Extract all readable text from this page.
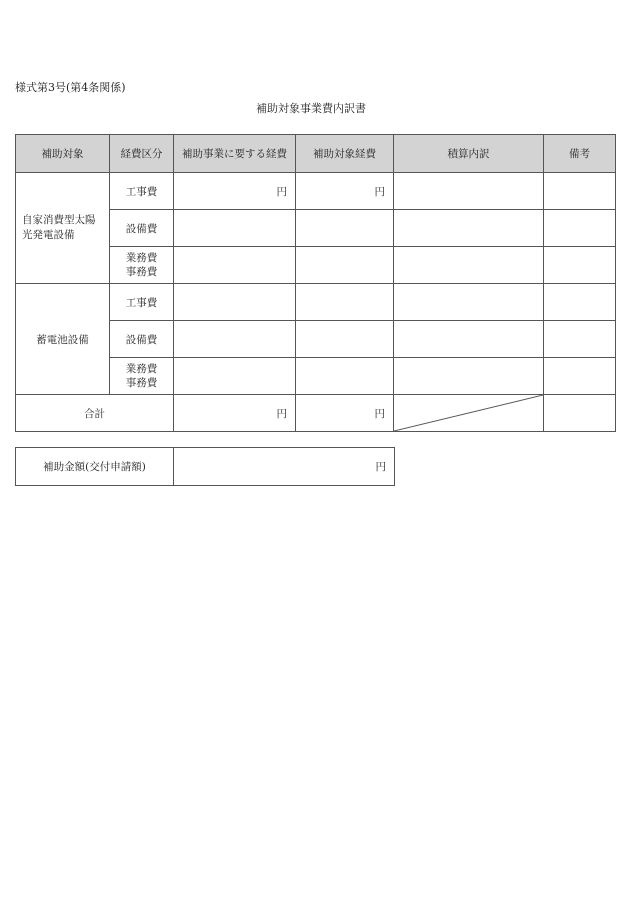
様式第3号(第4条関係)
補助対象事業費内訳書
補助対象	経費区分	補助事業に要する経費	補助対象経費	積算内訳	備考
自家消費型太陽光発電設備	工事費	円	円		
	設備費				

	業務費
事務費				

蓄電池設備	工事費				
	設備費				

	業務費
事務費				

合計		円	円	

補助金額(交付申請額)	円
